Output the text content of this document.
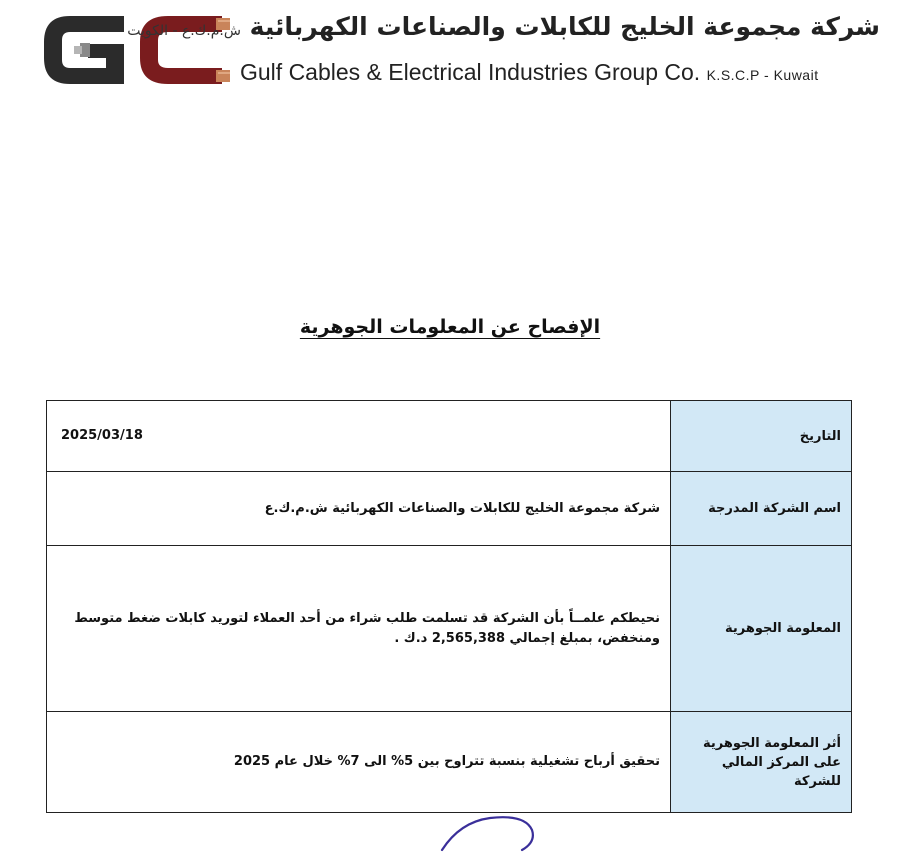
شركة مجموعة الخليج للكابلات والصناعات الكهربائية ش.م.ك.ع - الكويت
Gulf Cables & Electrical Industries Group Co. K.S.C.P - Kuwait
الإفصاح عن المعلومات الجوهرية
التاريخ	2025/03/18
اسم الشركة المدرجة	شركة مجموعة الخليج للكابلات والصناعات الكهربائية ش.م.ك.ع
المعلومة الجوهرية	نحيطكم علمــاً بأن الشركة قد تسلمت طلب شراء من أحد العملاء لتوريد كابلات ضغط متوسط ومنخفض، بمبلغ إجمالي 2,565,388 د.ك .
أثر المعلومة الجوهرية على المركز المالي للشركة	تحقيق أرباح تشغيلية بنسبة تتراوح بين 5% الى 7% خلال عام 2025
